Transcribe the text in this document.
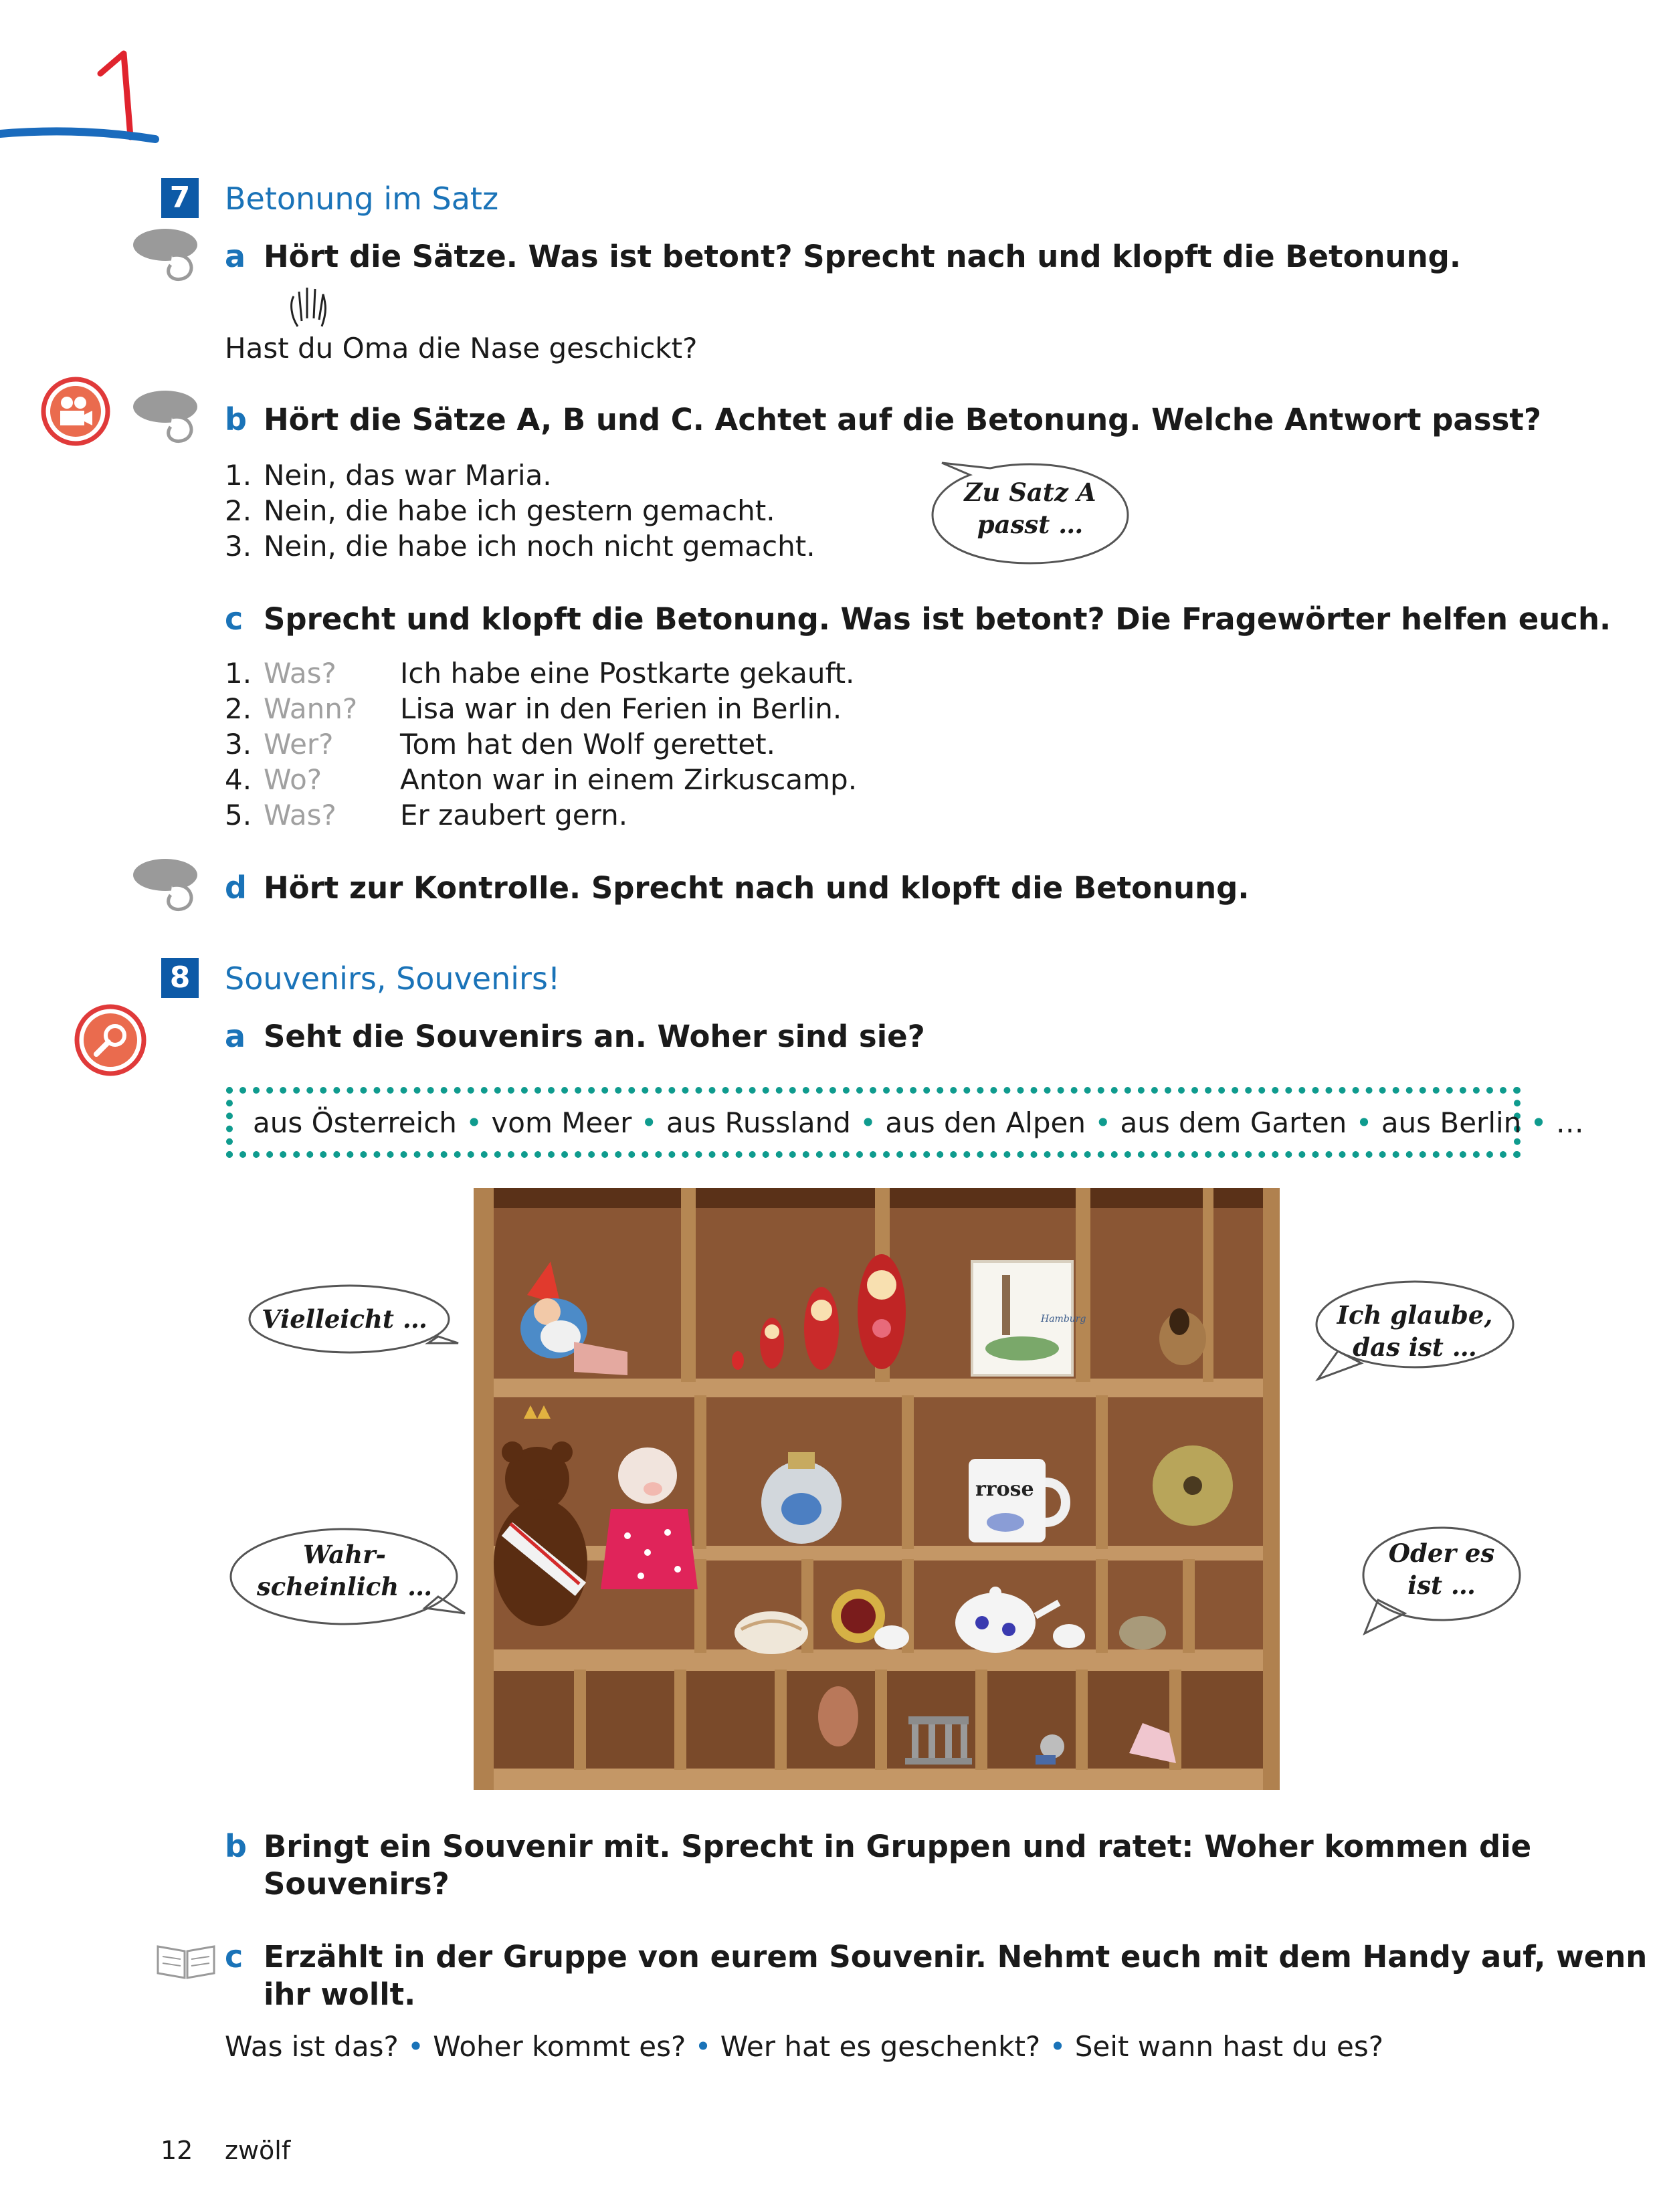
7 Betonung im Satz
a Hört die Sätze. Was ist betont? Sprecht nach und klopft die Betonung.
Hast du Oma die Nase geschickt?
b Hört die Sätze A, B und C. Achtet auf die Betonung. Welche Antwort passt?
1. Nein, das war Maria.
2. Nein, die habe ich gestern gemacht.
3. Nein, die habe ich noch nicht gemacht.
Zu Satz A
passt …
c Sprecht und klopft die Betonung. Was ist betont? Die Fragewörter helfen euch.
1. Was? Ich habe eine Postkarte gekauft.
2. Wann? Lisa war in den Ferien in Berlin.
3. Wer? Tom hat den Wolf gerettet.
4. Wo?	Anton war in einem Zirkuscamp.
5. Was? Er zaubert gern.
d Hört zur Kontrolle. Sprecht nach und klopft die Betonung.
8 Souvenirs, Souvenirs!
a Seht die Souvenirs an. Woher sind sie?
aus Österreich • vom Meer • aus Russland • aus den Alpen • aus dem Garten • aus Berlin • …
Hamburg
rrose
Vielleicht …	Ich glaube,
das ist …
Wahr-
scheinlich …
Oder es
ist …
b Bringt ein Souvenir mit. Sprecht in Gruppen und ratet: Woher kommen die
Souvenirs?
c Erzählt in der Gruppe von eurem Souvenir. Nehmt euch mit dem Handy auf, wenn
ihr wollt.
Was ist das? • Woher kommt es? • Wer hat es geschenkt? • Seit wann hast du es?
12 zwölf
